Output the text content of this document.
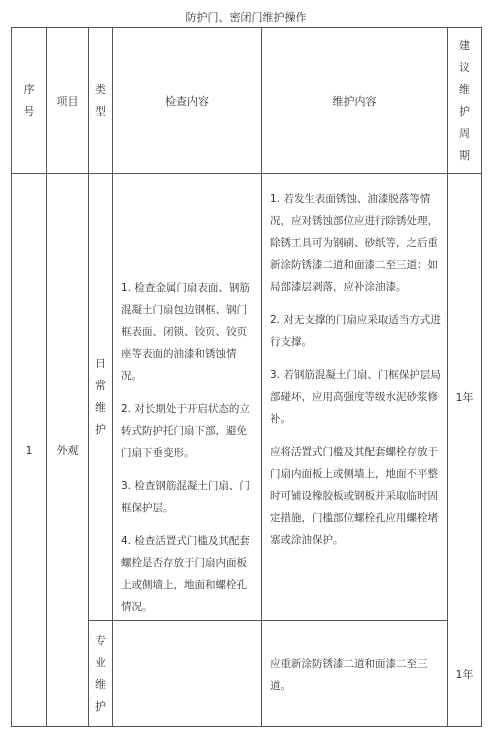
防护门、密闭门维护操作
序
号
项目
类
型
检查内容	维护内容
建
议
维
护
周
期
1	外观
日
常
维
护

1. 检查金属门扇表面、钢筋混凝土门扇包边钢框、钢门框表面、闭锁、铰页、铰页座等表面的油漆和锈蚀情况。

2. 对长期处于开启状态的立转式防护托门扇下部，避免门扇下垂变形。

3. 检查钢筋混凝土门扇、门框保护层。

4. 检查活置式门槛及其配套螺栓是否存放于门扇内面板上或侧墙上，地面和螺栓孔情况。

1. 若发生表面锈蚀、油漆脱落等情况，应对锈蚀部位应进行除锈处理，除锈工具可为钢刷、砂纸等，之后重新涂防锈漆二道和面漆二至三道：如局部漆层剥落，应补涂油漆。

2. 对无支撑的门扇应采取适当方式进行支撑。

3. 若钢筋混凝土门扇、门框保护层局部碰坏，应用高强度等级水泥砂浆修补。

应将活置式门槛及其配套螺栓存放于门扇内面板上或侧墙上，地面不平整时可铺设橡胶板或钢板并采取临时固定措施，门槛部位螺栓孔应用螺栓堵塞或涂油保护。

1年
专
业
维
护

应重新涂防锈漆二道和面漆二至三道。

1年
